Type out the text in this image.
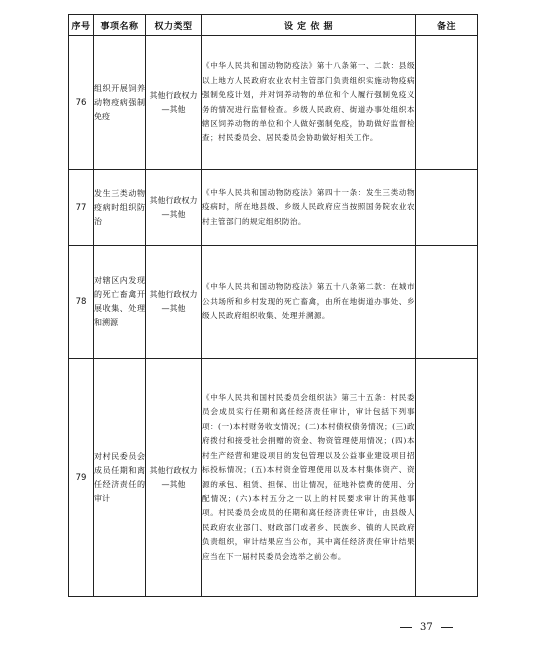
序号	事项名称	权力类型	设 定 依 据	备注
76	组织开展饲养动物疫病强制免疫	其他行政权力—其他	《中华人民共和国动物防疫法》第十八条第一、二款：县级以上地方人民政府农业农村主管部门负责组织实施动物疫病强制免疫计划，并对饲养动物的单位和个人履行强制免疫义务的情况进行监督检查。乡级人民政府、街道办事处组织本辖区饲养动物的单位和个人做好强制免疫，协助做好监督检查；村民委员会、居民委员会协助做好相关工作。	
77	发生三类动物疫病时组织防治	其他行政权力—其他	《中华人民共和国动物防疫法》第四十一条：发生三类动物疫病时，所在地县级、乡级人民政府应当按照国务院农业农村主管部门的规定组织防治。	
78	对辖区内发现的死亡畜禽开展收集、处理和溯源	其他行政权力—其他	《中华人民共和国动物防疫法》第五十八条第二款：在城市公共场所和乡村发现的死亡畜禽，由所在地街道办事处、乡级人民政府组织收集、处理并溯源。	
79	对村民委员会成员任期和离任经济责任的审计	其他行政权力—其他	《中华人民共和国村民委员会组织法》第三十五条：村民委员会成员实行任期和离任经济责任审计，审计包括下列事项：(一)本村财务收支情况；(二)本村债权债务情况；(三)政府拨付和接受社会捐赠的资金、物资管理使用情况；(四)本村生产经营和建设项目的发包管理以及公益事业建设项目招标投标情况；(五)本村资金管理使用以及本村集体资产、资源的承包、租赁、担保、出让情况，征地补偿费的使用、分配情况；(六)本村五分之一以上的村民要求审计的其他事项。村民委员会成员的任期和离任经济责任审计，由县级人民政府农业部门、财政部门或者乡、民族乡、镇的人民政府负责组织，审计结果应当公布，其中离任经济责任审计结果应当在下一届村民委员会选举之前公布。	
37
